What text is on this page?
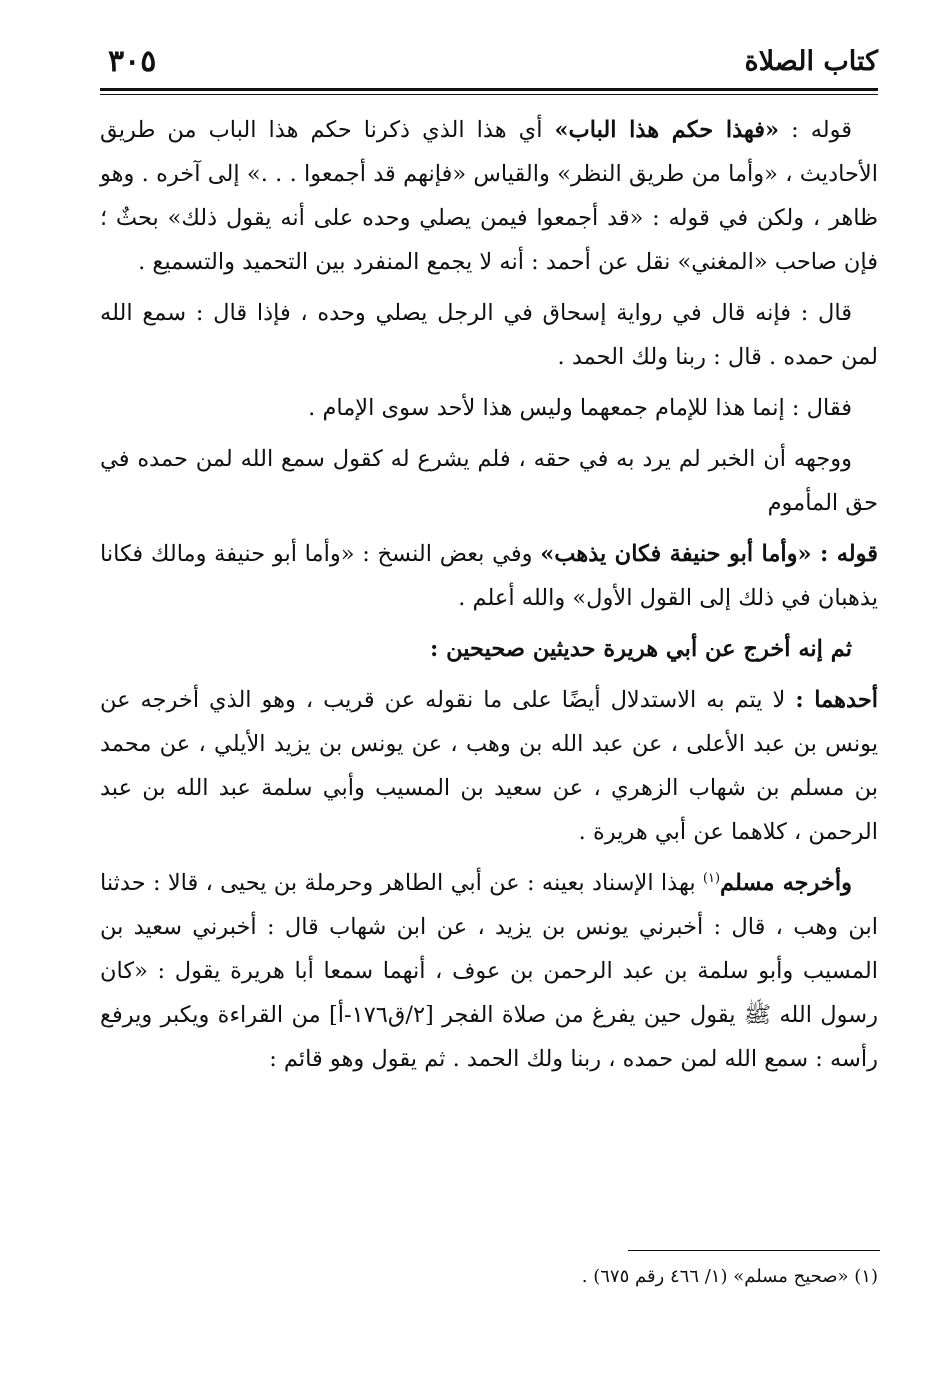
كتاب الصلاة
٣٠٥

قوله : «فهذا حكم هذا الباب» أي هذا الذي ذكرنا حكم هذا الباب من طريق الأحاديث ، «وأما من طريق النظر» والقياس «فإنهم قد أجمعوا . . .» إلى آخره . وهو ظاهر ، ولكن في قوله : «قد أجمعوا فيمن يصلي وحده على أنه يقول ذلك» بحثٌ ؛ فإن صاحب «المغني» نقل عن أحمد : أنه لا يجمع المنفرد بين التحميد والتسميع .

قال : فإنه قال في رواية إسحاق في الرجل يصلي وحده ، فإذا قال : سمع الله لمن حمده . قال : ربنا ولك الحمد .

فقال : إنما هذا للإمام جمعهما وليس هذا لأحد سوى الإمام .

ووجهه أن الخبر لم يرد به في حقه ، فلم يشرع له كقول سمع الله لمن حمده في حق المأموم

قوله : «وأما أبو حنيفة فكان يذهب» وفي بعض النسخ : «وأما أبو حنيفة ومالك فكانا يذهبان في ذلك إلى القول الأول» والله أعلم .

ثم إنه أخرج عن أبي هريرة حديثين صحيحين :

أحدهما : لا يتم به الاستدلال أيضًا على ما نقوله عن قريب ، وهو الذي أخرجه عن يونس بن عبد الأعلى ، عن عبد الله بن وهب ، عن يونس بن يزيد الأيلي ، عن محمد بن مسلم بن شهاب الزهري ، عن سعيد بن المسيب وأبي سلمة عبد الله بن عبد الرحمن ، كلاهما عن أبي هريرة .

وأخرجه مسلم$^{(١)}$ بهذا الإسناد بعينه : عن أبي الطاهر وحرملة بن يحيى ، قالا : حدثنا ابن وهب ، قال : أخبرني يونس بن يزيد ، عن ابن شهاب قال : أخبرني سعيد بن المسيب وأبو سلمة بن عبد الرحمن بن عوف ، أنهما سمعا أبا هريرة يقول : «كان رسول الله ﷺ يقول حين يفرغ من صلاة الفجر [٢/ق١٧٦-أ] من القراءة ويكبر ويرفع رأسه : سمع الله لمن حمده ، ربنا ولك الحمد . ثم يقول وهو قائم :

(١) «صحيح مسلم» (١/ ٤٦٦ رقم ٦٧٥) .
